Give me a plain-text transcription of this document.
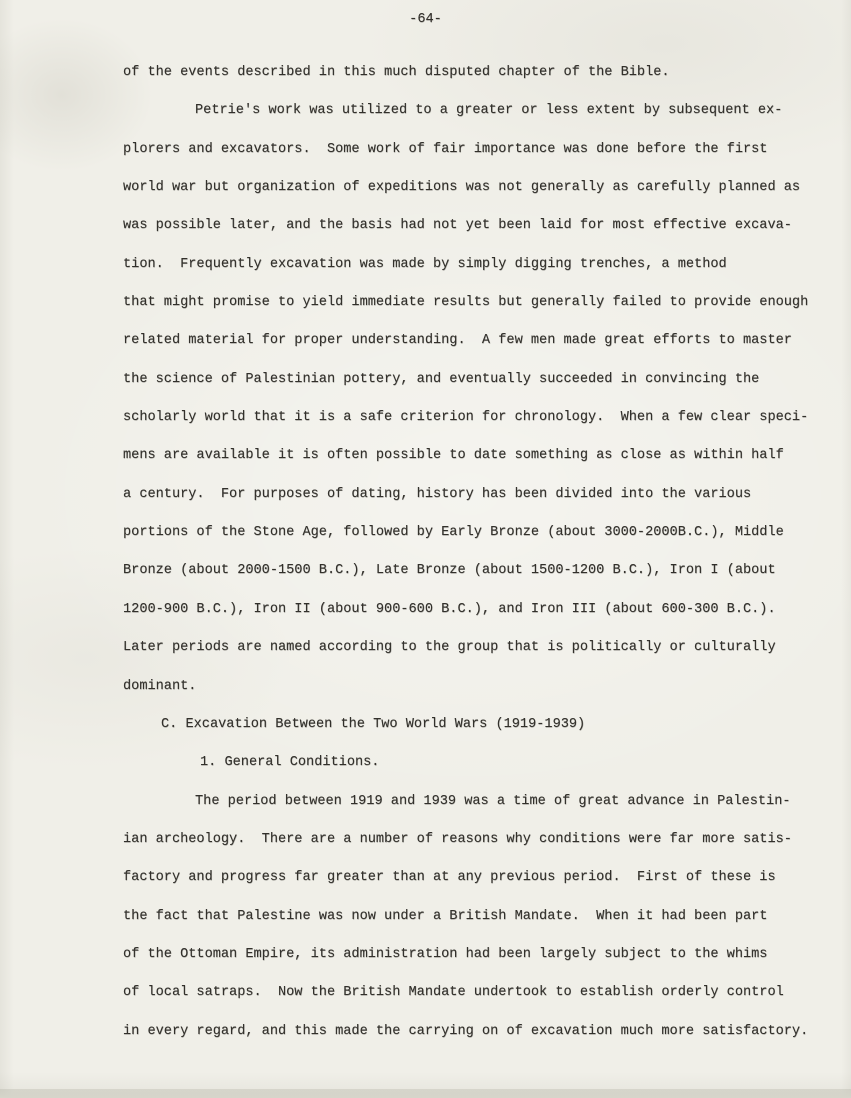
-64-
of the events described in this much disputed chapter of the Bible.
Petrie's work was utilized to a greater or less extent by subsequent ex-
plorers and excavators.  Some work of fair importance was done before the first
world war but organization of expeditions was not generally as carefully planned as
was possible later, and the basis had not yet been laid for most effective excava-
tion.  Frequently excavation was made by simply digging trenches, a method
that might promise to yield immediate results but generally failed to provide enough
related material for proper understanding.  A few men made great efforts to master
the science of Palestinian pottery, and eventually succeeded in convincing the
scholarly world that it is a safe criterion for chronology.  When a few clear speci-
mens are available it is often possible to date something as close as within half
a century.  For purposes of dating, history has been divided into the various
portions of the Stone Age, followed by Early Bronze (about 3000-2000B.C.), Middle
Bronze (about 2000-1500 B.C.), Late Bronze (about 1500-1200 B.C.), Iron I (about
1200-900 B.C.), Iron II (about 900-600 B.C.), and Iron III (about 600-300 B.C.).
Later periods are named according to the group that is politically or culturally
dominant.
C. Excavation Between the Two World Wars (1919-1939)
1. General Conditions.
The period between 1919 and 1939 was a time of great advance in Palestin-
ian archeology.  There are a number of reasons why conditions were far more satis-
factory and progress far greater than at any previous period.  First of these is
the fact that Palestine was now under a British Mandate.  When it had been part
of the Ottoman Empire, its administration had been largely subject to the whims
of local satraps.  Now the British Mandate undertook to establish orderly control
in every regard, and this made the carrying on of excavation much more satisfactory.
